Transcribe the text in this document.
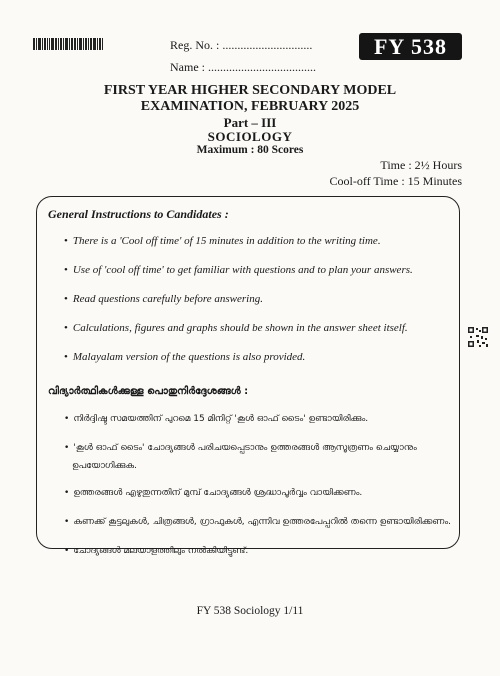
Reg. No. : ..............................
Name : ....................................
FY 538
FIRST YEAR HIGHER SECONDARY MODEL
EXAMINATION, FEBRUARY 2025
Part – III
SOCIOLOGY
Maximum : 80 Scores
Time : 2½ Hours
Cool-off Time : 15 Minutes
General Instructions to Candidates :
• There is a 'Cool off time' of 15 minutes in addition to the writing time.
• Use of 'cool off time' to get familiar with questions and to plan your answers.
• Read questions carefully before answering.
• Calculations, figures and graphs should be shown in the answer sheet itself.
• Malayalam version of the questions is also provided.
വിദ്യാർത്ഥികൾക്കുള്ള പൊതുനിർദ്ദേശങ്ങൾ :
• നിർദ്ദിഷ്ട സമയത്തിന് പുറമെ 15 മിനിറ്റ് 'കൂൾ ഓഫ് ടൈം' ഉണ്ടായിരിക്കും.
• 'കൂൾ ഓഫ് ടൈം' ചോദ്യങ്ങൾ പരിചയപ്പെടാനും ഉത്തരങ്ങൾ ആസൂത്രണം ചെയ്യാനും
ഉപയോഗിക്കുക.
• ഉത്തരങ്ങൾ എഴുതുന്നതിന് മുമ്പ് ചോദ്യങ്ങൾ ശ്രദ്ധാപൂർവ്വം വായിക്കണം.
• കണക്ക് കൂട്ടലുകൾ, ചിത്രങ്ങൾ, ഗ്രാഫുകൾ, എന്നിവ ഉത്തരപേപ്പറിൽ തന്നെ ഉണ്ടായിരിക്കണം.
• ചോദ്യങ്ങൾ മലയാളത്തിലും നൽകിയിട്ടുണ്ട്.
FY 538 Sociology 1/11
